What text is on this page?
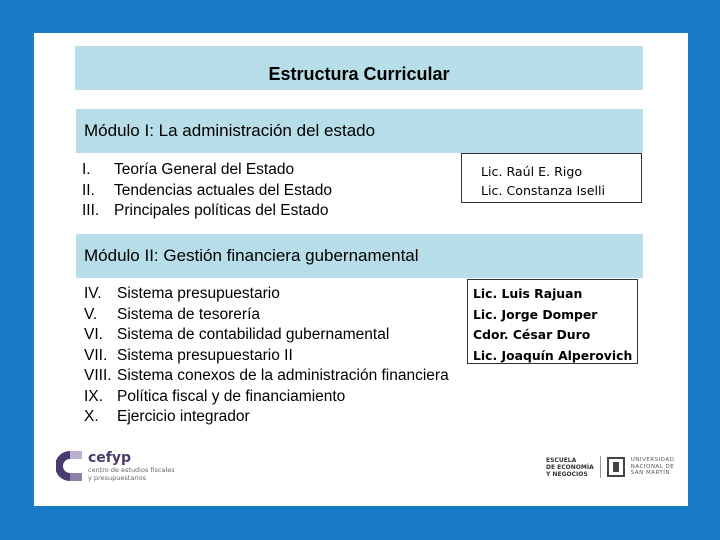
Estructura Curricular
Módulo I: La administración del estado
I.	Teoría General del Estado
II.	Tendencias actuales del Estado
III. Principales políticas del Estado
Lic. Raúl E. Rigo
Lic. Constanza Iselli
Módulo II: Gestión financiera gubernamental
Lic. Luis Rajuan
Lic. Jorge Domper
Cdor. César Duro
Lic. Joaquín Alperovich
IV. Sistema presupuestario
V.	Sistema de tesorería
VI. Sistema de contabilidad gubernamental
VII. Sistema presupuestario II
VIII. Sistema conexos de la administración financiera
IX. Política fiscal y de financiamiento
X.	Ejercicio integrador
cefyp
centro de estudios fiscales
y presupuestarios
ESCUELA
DE ECONOMÍA
Y NEGOCIOS
UNIVERSIDAD
NACIONAL DE
SAN MARTÍN
